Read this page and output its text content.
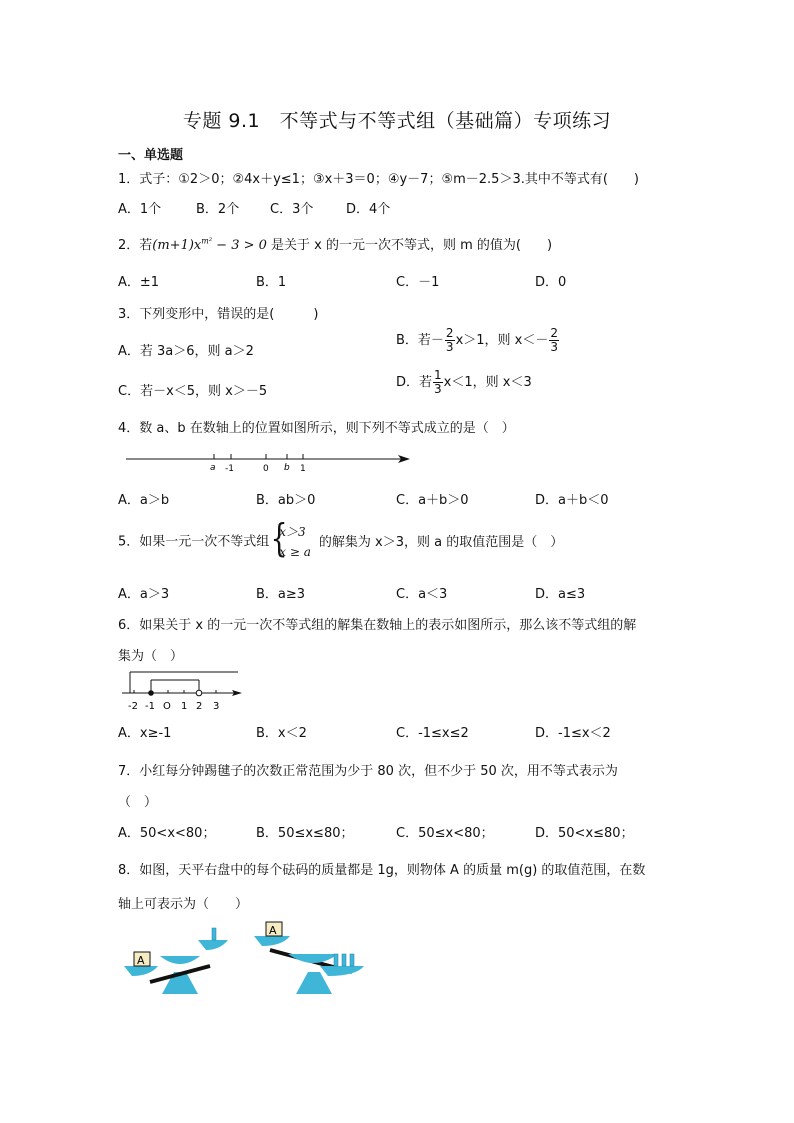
专题 9.1　不等式与不等式组（基础篇）专项练习
一、单选题
1．式子：①2＞0；②4x＋y≤1；③x＋3＝0；④y－7；⑤m－2.5＞3.其中不等式有(　　)
A．1个	B．2个 C．3个	D．4个
2．若$(m+1)x^{m^2} - 3 > 0$ 是关于 x 的一元一次不等式，则 m 的值为(　　)
A．±1	B．1	C．－1	D．0
3．下列变形中，错误的是(　　　)
A．若 3a＞6，则 a＞2
B．若－ $\frac{2}{3} x>1$，则 $x<- \frac{2}{3}$
C．若－x＜5，则 x＞－5
D．若 $\frac{1}{3} x<1$，则 x＜3
4．数 a、b 在数轴上的位置如图所示，则下列不等式成立的是（　）
a -1	0 b 1
A．a＞b	B．ab＞0	C．a＋b＞0	D．a＋b＜0
5．如果一元一次不等式组
{ x＞3
x ≥ a
的解集为 x＞3，则 a 的取值范围是（　）
A．a＞3	B．a≥3	C．a＜3	D．a≤3
6．如果关于 x 的一元一次不等式组的解集在数轴上的表示如图所示，那么该不等式组的解
集为（　）
-2 -1 O 1 2 3
A．x≥-1	B．x＜2	C．-1≤x≤2	D．-1≤x＜2
7．小红每分钟踢毽子的次数正常范围为少于 80 次，但不少于 50 次，用不等式表示为
（　）
A．50<x<80；	B．50≤x≤80；	C．50≤x<80；	D．50<x≤80；
8．如图，天平右盘中的每个砝码的质量都是 1g，则物体 A 的质量 m(g) 的取值范围，在数
轴上可表示为（　　）
A
A
